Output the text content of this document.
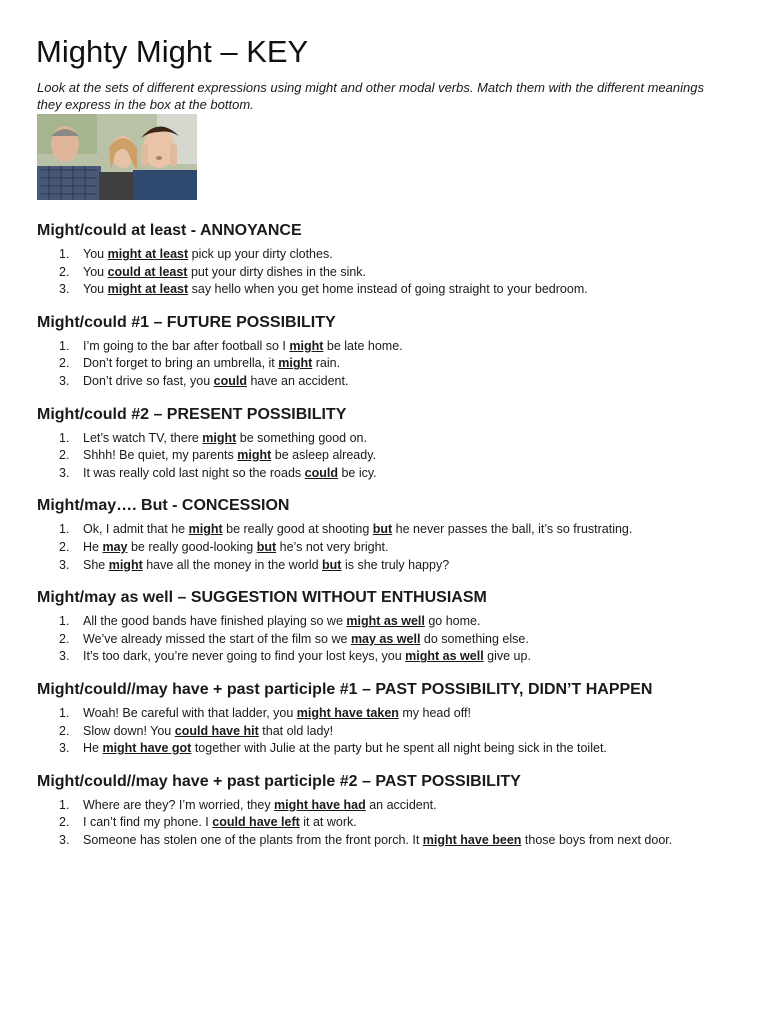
Mighty Might – KEY

Look at the sets of different expressions using might and other modal verbs. Match them with the different meanings they express in the box at the bottom.

Might/could at least - ANNOYANCE
You might at least pick up your dirty clothes.
You could at least put your dirty dishes in the sink.
You might at least say hello when you get home instead of going straight to your bedroom.
Might/could #1 – FUTURE POSSIBILITY
I’m going to the bar after football so I might be late home.
Don’t forget to bring an umbrella, it might rain.
Don’t drive so fast, you could have an accident.
Might/could #2 – PRESENT POSSIBILITY
Let’s watch TV, there might be something good on.
Shhh! Be quiet, my parents might be asleep already.
It was really cold last night so the roads could be icy.
Might/may…. But - CONCESSION
Ok, I admit that he might be really good at shooting but he never passes the ball, it’s so frustrating.
He may be really good-looking but he’s not very bright.
She might have all the money in the world but is she truly happy?
Might/may as well – SUGGESTION WITHOUT ENTHUSIASM
All the good bands have finished playing so we might as well go home.
We’ve already missed the start of the film so we may as well do something else.
It’s too dark, you’re never going to find your lost keys, you might as well give up.
Might/could//may have + past participle #1 – PAST POSSIBILITY, DIDN’T HAPPEN
Woah! Be careful with that ladder, you might have taken my head off!
Slow down! You could have hit that old lady!
He might have got together with Julie at the party but he spent all night being sick in the toilet.
Might/could//may have + past participle #2 – PAST POSSIBILITY
Where are they? I’m worried, they might have had an accident.
I can’t find my phone. I could have left it at work.
Someone has stolen one of the plants from the front porch. It might have been those boys from next door.
